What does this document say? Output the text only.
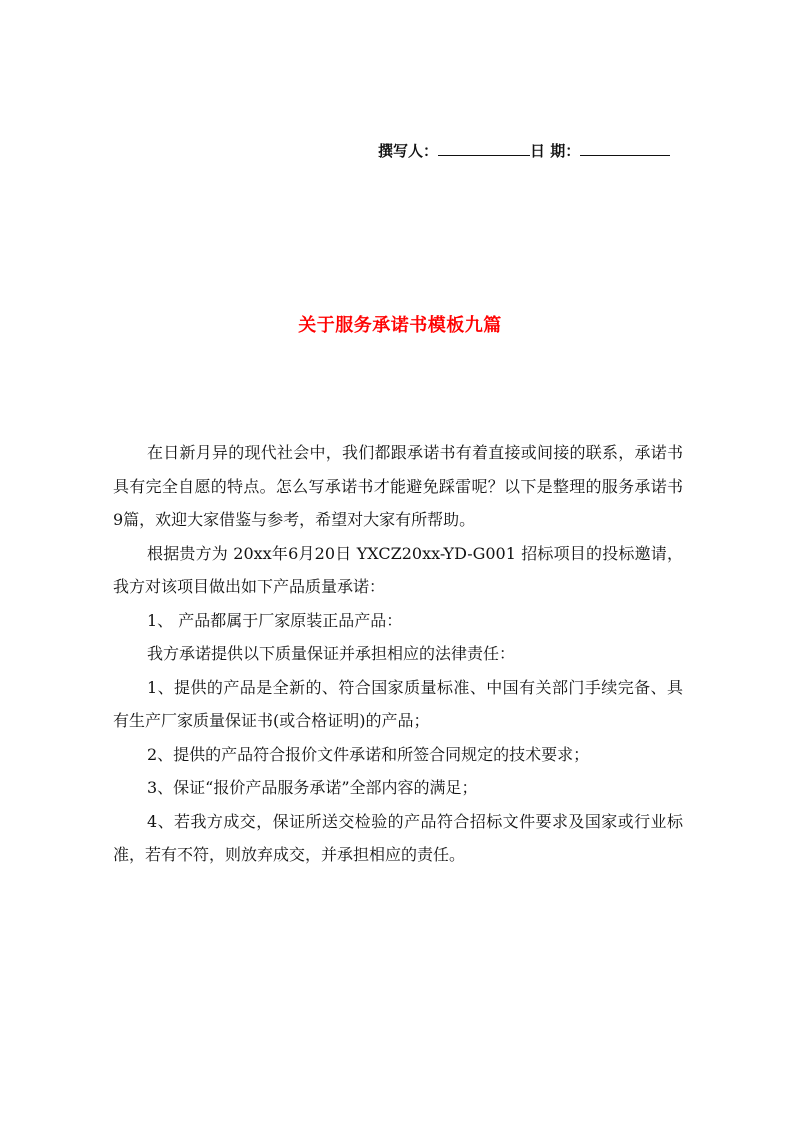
撰写人：	日 期：
关于服务承诺书模板九篇

在日新月异的现代社会中，我们都跟承诺书有着直接或间接的联系，承诺书具有完全自愿的特点。怎么写承诺书才能避免踩雷呢？以下是整理的服务承诺书9篇，欢迎大家借鉴与参考，希望对大家有所帮助。

根据贵方为 20xx年6月20日 YXCZ20xx-YD-G001 招标项目的投标邀请，我方对该项目做出如下产品质量承诺：

1、 产品都属于厂家原装正品产品：

我方承诺提供以下质量保证并承担相应的法律责任：

1、提供的产品是全新的、符合国家质量标准、中国有关部门手续完备、具有生产厂家质量保证书(或合格证明)的产品；

2、提供的产品符合报价文件承诺和所签合同规定的技术要求；

3、保证“报价产品服务承诺”全部内容的满足；

4、若我方成交，保证所送交检验的产品符合招标文件要求及国家或行业标准，若有不符，则放弃成交，并承担相应的责任。
